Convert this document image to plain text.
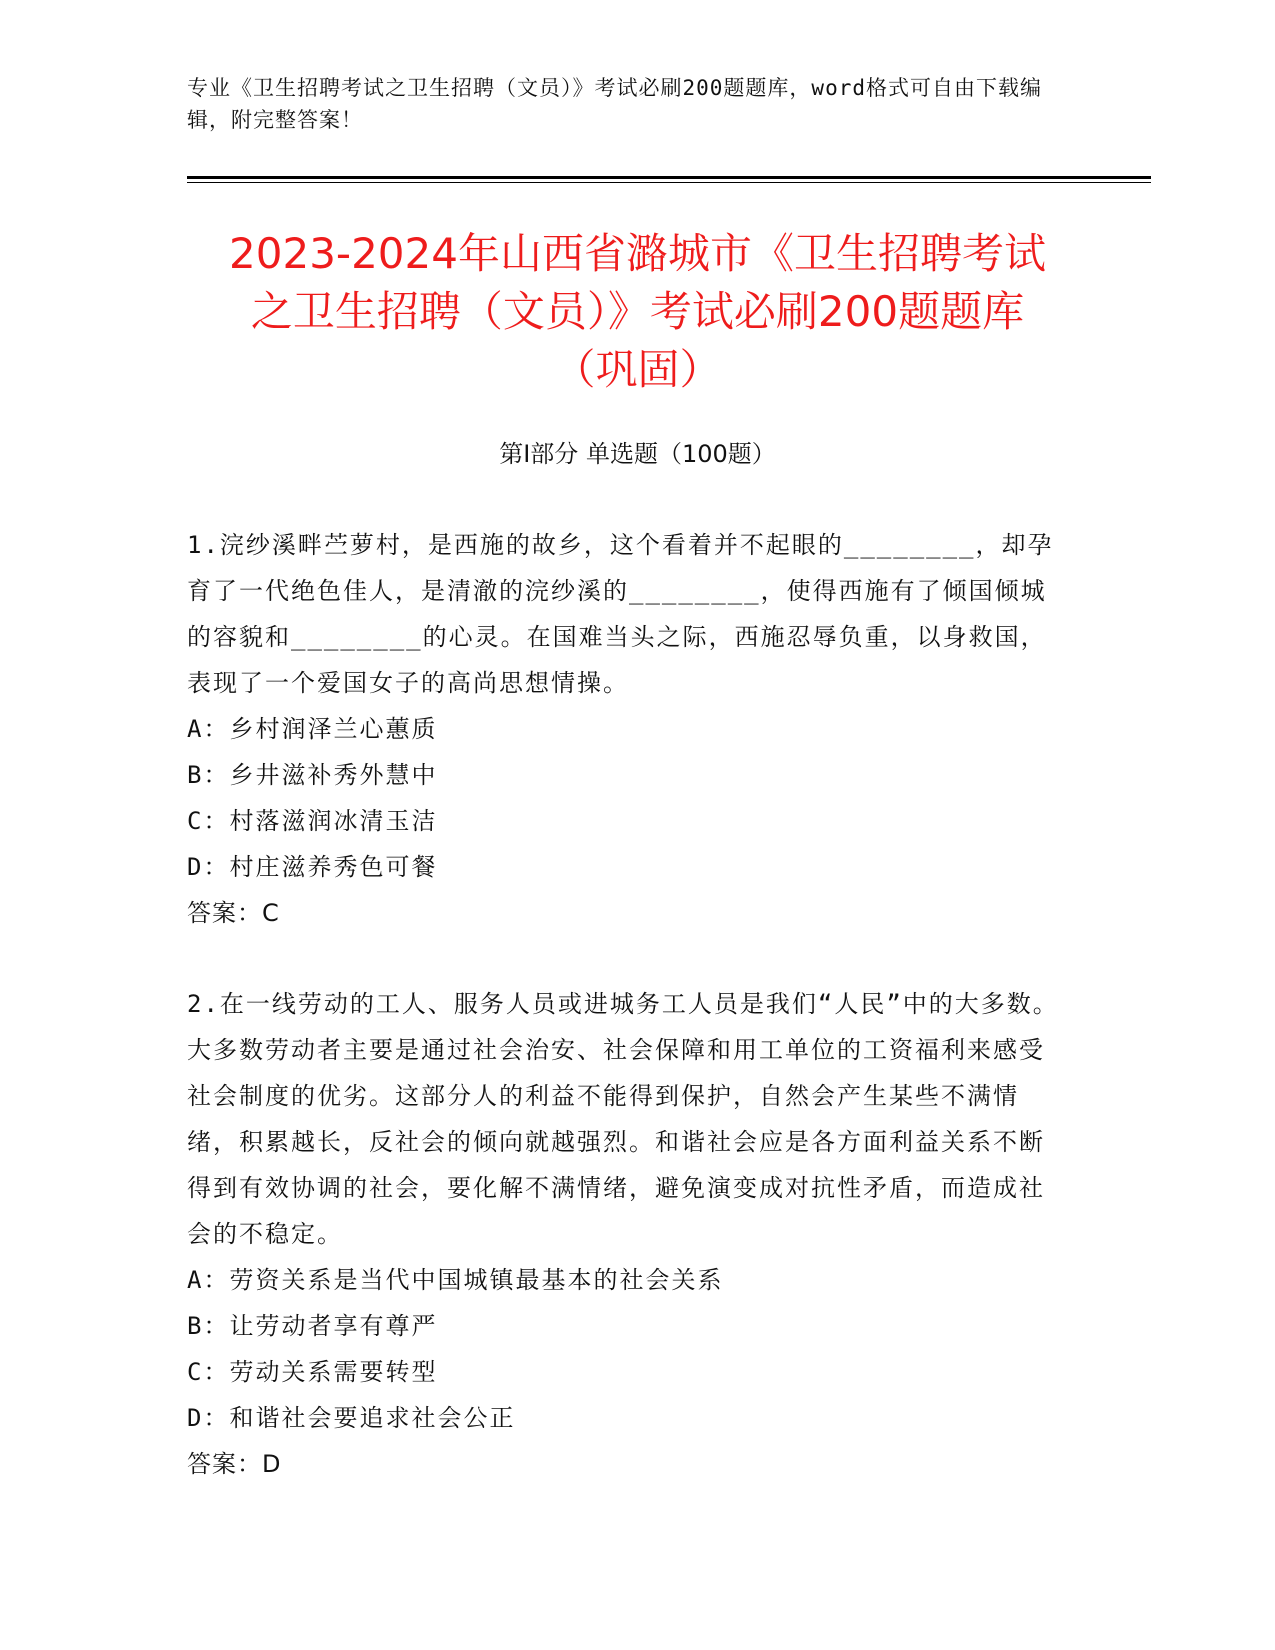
专业《卫生招聘考试之卫生招聘（文员）》考试必刷200题题库，word格式可自由下载编辑，附完整答案！
2023-2024年山西省潞城市《卫生招聘考试
之卫生招聘（文员）》考试必刷200题题库
（巩固）
第Ⅰ部分 单选题（100题）
1.浣纱溪畔苎萝村，是西施的故乡，这个看着并不起眼的________，却孕育了一代绝色佳人，是清澈的浣纱溪的________，使得西施有了倾国倾城的容貌和________的心灵。在国难当头之际，西施忍辱负重，以身救国，表现了一个爱国女子的高尚思想情操。
A：乡村润泽兰心蕙质
B：乡井滋补秀外慧中
C：村落滋润冰清玉洁
D：村庄滋养秀色可餐
答案：C
2.在一线劳动的工人、服务人员或进城务工人员是我们“人民”中的大多数。大多数劳动者主要是通过社会治安、社会保障和用工单位的工资福利来感受社会制度的优劣。这部分人的利益不能得到保护，自然会产生某些不满情绪，积累越长，反社会的倾向就越强烈。和谐社会应是各方面利益关系不断得到有效协调的社会，要化解不满情绪，避免演变成对抗性矛盾，而造成社会的不稳定。
A：劳资关系是当代中国城镇最基本的社会关系
B：让劳动者享有尊严
C：劳动关系需要转型
D：和谐社会要追求社会公正
答案：D
